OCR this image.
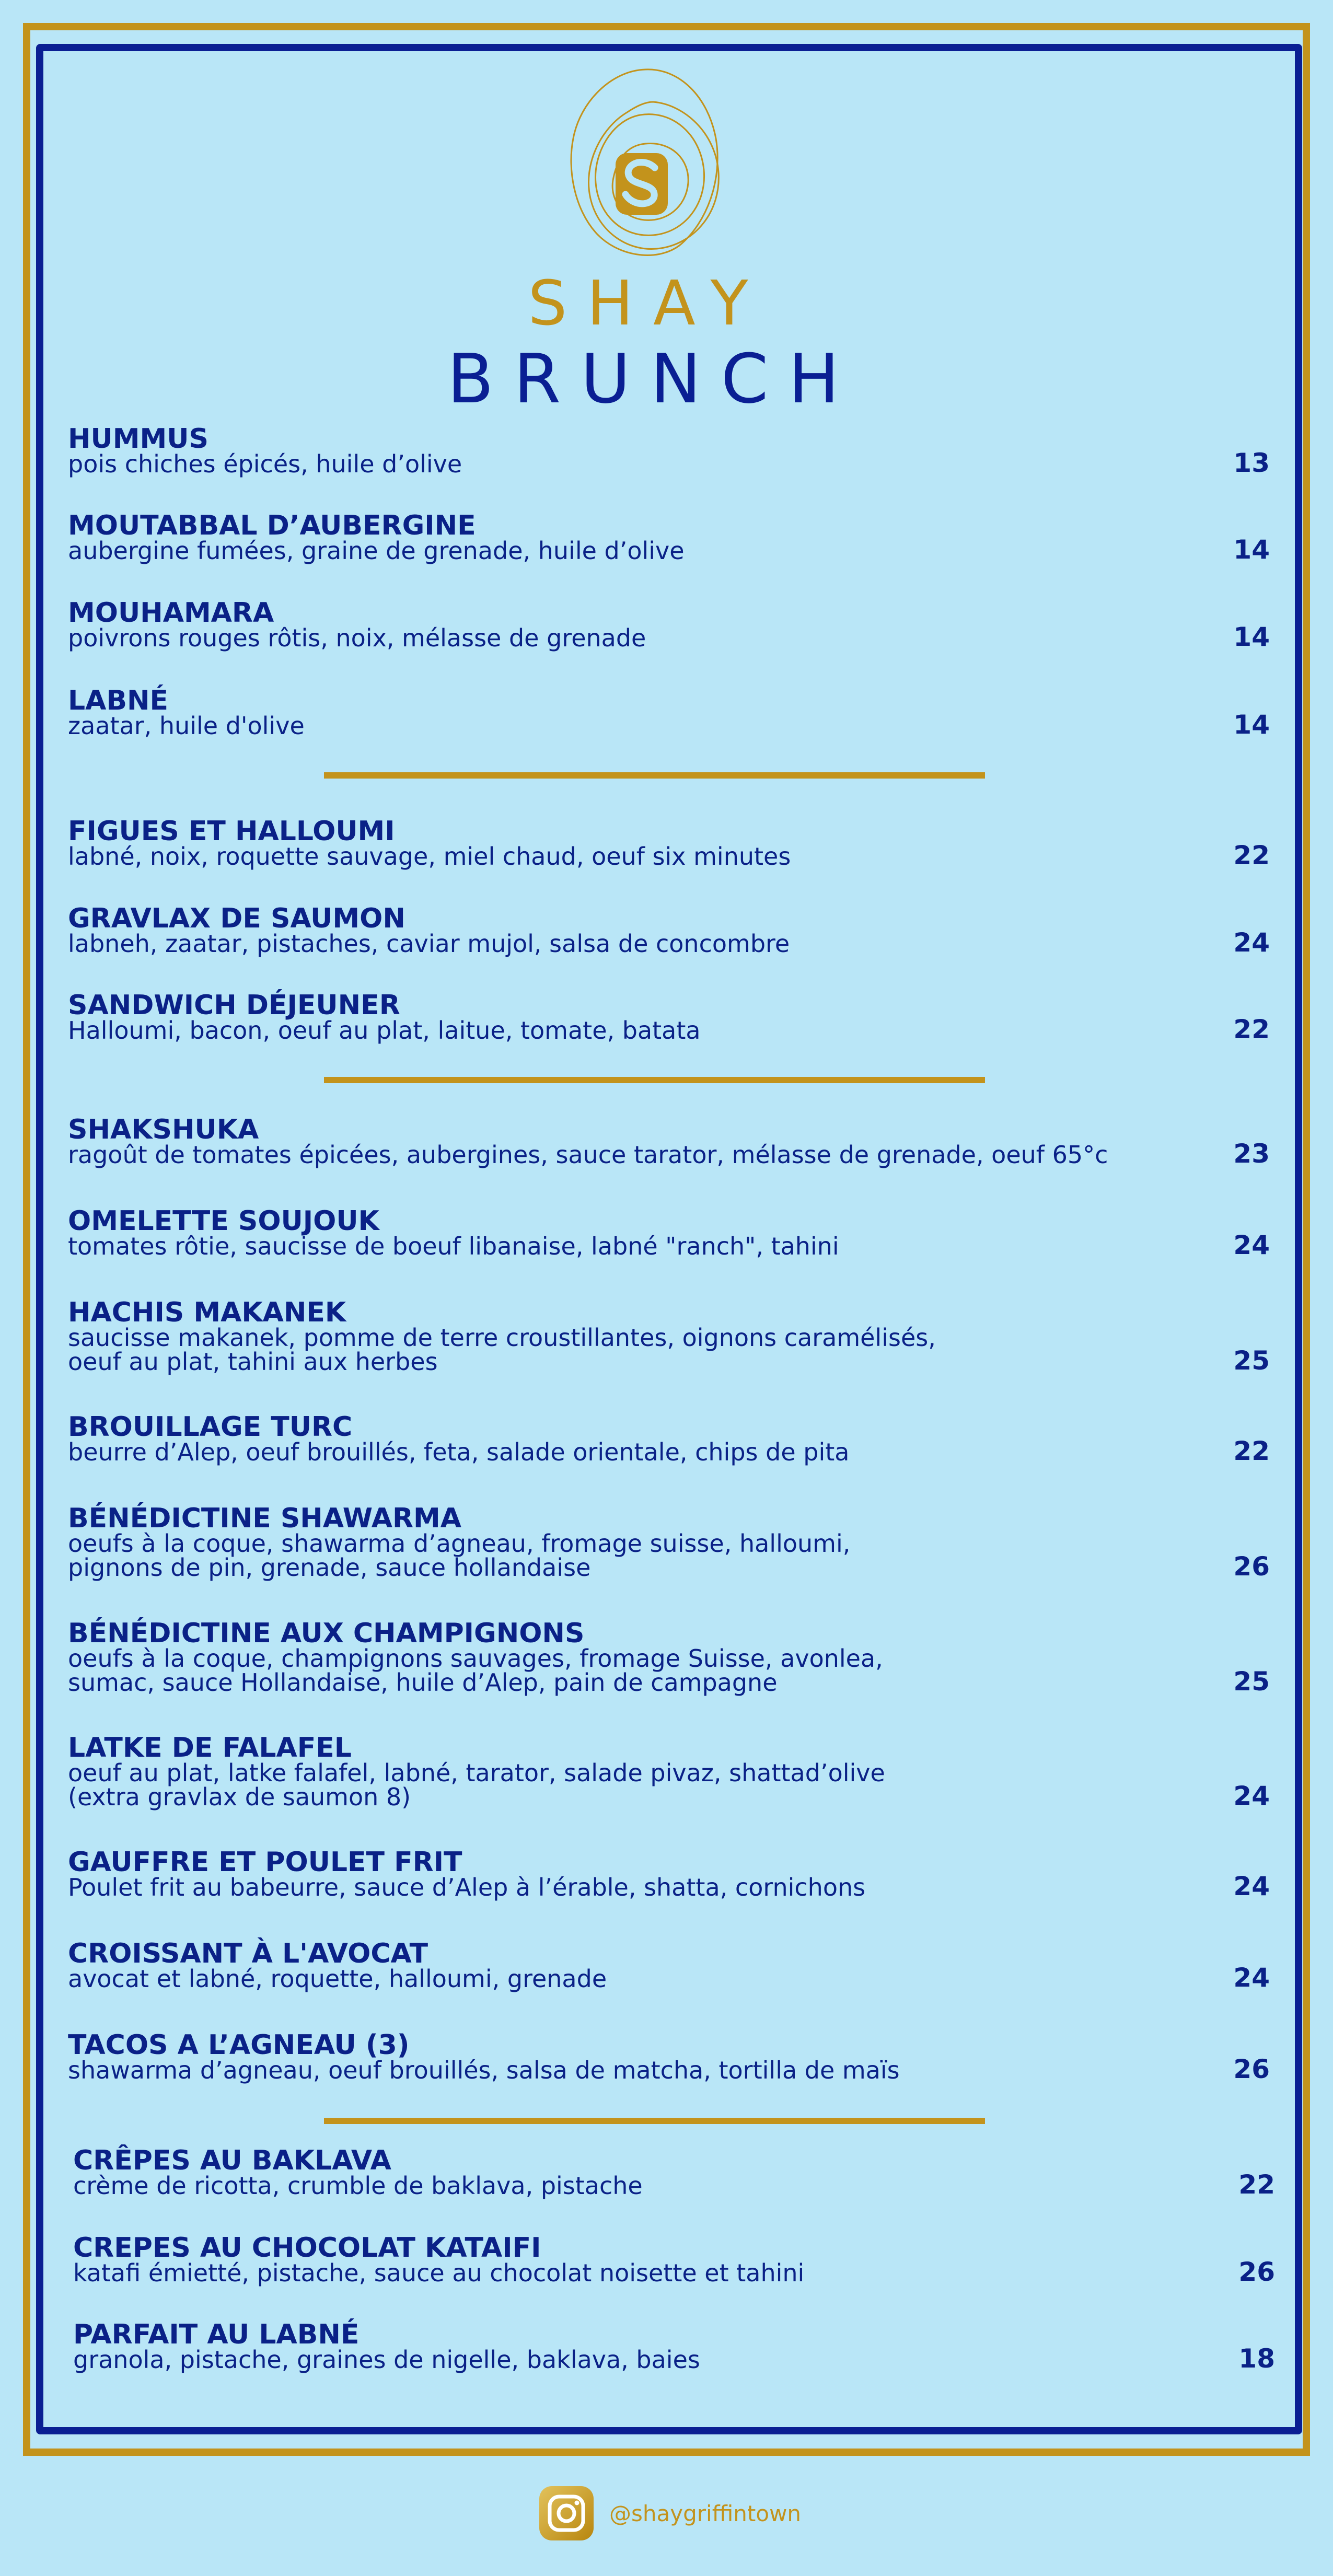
SHAY
BRUNCH
HUMMUS
pois chiches épicés, huile d’olive	13
MOUTABBAL D’AUBERGINE
aubergine fumées, graine de grenade, huile d’olive	14
MOUHAMARA
poivrons rouges rôtis, noix, mélasse de grenade	14
LABNÉ
zaatar, huile d'olive	14
FIGUES ET HALLOUMI
labné, noix, roquette sauvage, miel chaud, oeuf six minutes	22
GRAVLAX DE SAUMON
labneh, zaatar, pistaches, caviar mujol, salsa de concombre	24
SANDWICH DÉJEUNER
Halloumi, bacon, oeuf au plat, laitue, tomate, batata	22
SHAKSHUKA
ragoût de tomates épicées, aubergines, sauce tarator, mélasse de grenade, oeuf 65°c	23
OMELETTE SOUJOUK
tomates rôtie, saucisse de boeuf libanaise, labné "ranch", tahini	24
HACHIS MAKANEK
saucisse makanek, pomme de terre croustillantes, oignons caramélisés,
oeuf au plat, tahini aux herbes	25
BROUILLAGE TURC
beurre d’Alep, oeuf brouillés, feta, salade orientale, chips de pita	22
BÉNÉDICTINE SHAWARMA
oeufs à la coque, shawarma d’agneau, fromage suisse, halloumi,
pignons de pin, grenade, sauce hollandaise	26
BÉNÉDICTINE AUX CHAMPIGNONS
oeufs à la coque, champignons sauvages, fromage Suisse, avonlea,
sumac, sauce Hollandaise, huile d’Alep, pain de campagne	25
LATKE DE FALAFEL
oeuf au plat, latke falafel, labné, tarator, salade pivaz, shattad’olive
(extra gravlax de saumon 8)	24
GAUFFRE ET POULET FRIT
Poulet frit au babeurre, sauce d’Alep à l’érable, shatta, cornichons	24
CROISSANT À L'AVOCAT
avocat et labné, roquette, halloumi, grenade	24
TACOS A L’AGNEAU (3)
shawarma d’agneau, oeuf brouillés, salsa de matcha, tortilla de maïs	26
CRÊPES AU BAKLAVA
crème de ricotta, crumble de baklava, pistache	22
CREPES AU CHOCOLAT KATAIFI
katafi émietté, pistache, sauce au chocolat noisette et tahini	26
PARFAIT AU LABNÉ
granola, pistache, graines de nigelle, baklava, baies	18
@shaygriffintown
